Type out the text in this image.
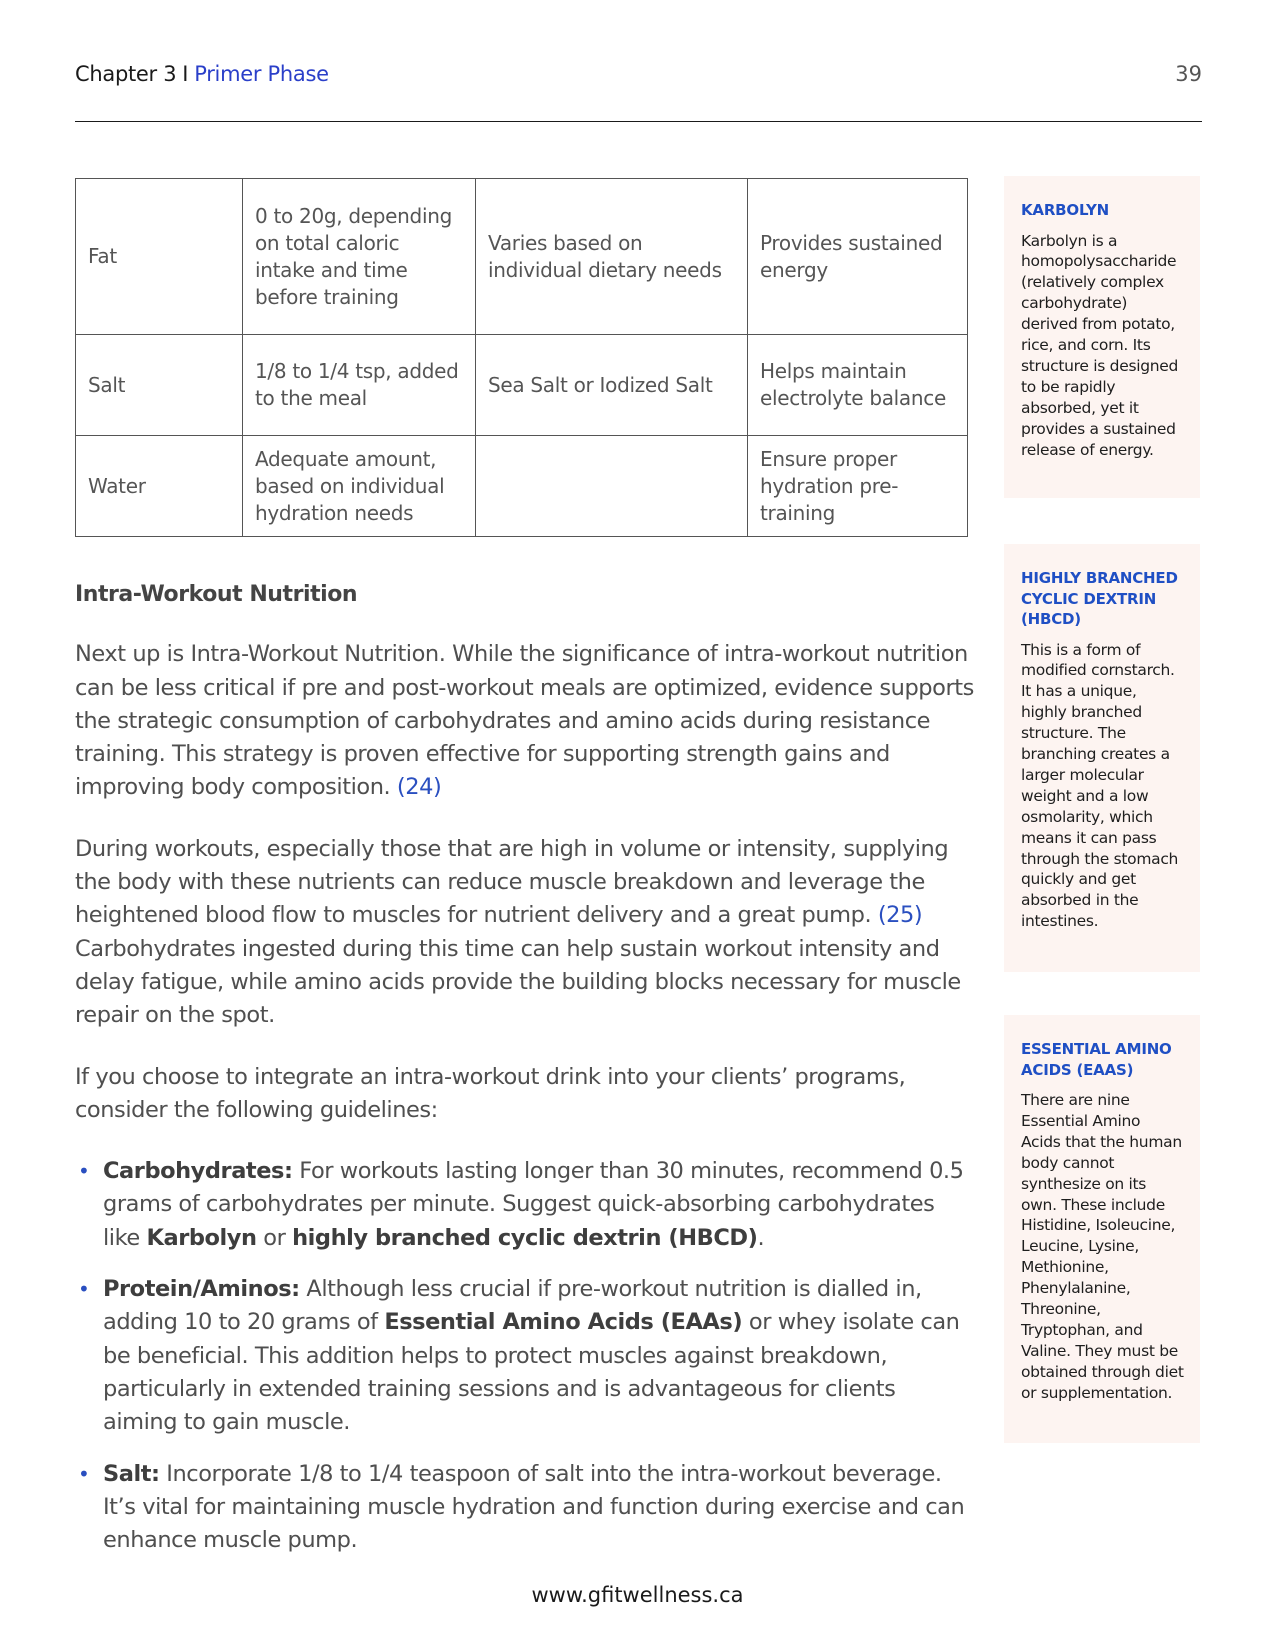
Chapter 3 I Primer Phase	39
Fat	0 to 20g, depending on total caloric intake and time before training	Varies based on individual dietary needs	Provides sustained energy
Salt	1/8 to 1/4 tsp, added to the meal	Sea Salt or Iodized Salt	Helps maintain electrolyte balance
Water	Adequate amount, based on individual hydration needs		Ensure proper hydration pre-training
Intra-Workout Nutrition

Next up is Intra-Workout Nutrition. While the significance of intra-workout nutrition can be less critical if pre and post-workout meals are optimized, evidence supports the strategic consumption of carbohydrates and amino acids during resistance training. This strategy is proven effective for supporting strength gains and improving body composition. (24)

During workouts, especially those that are high in volume or intensity, supplying the body with these nutrients can reduce muscle breakdown and leverage the heightened blood flow to muscles for nutrient delivery and a great pump. (25) Carbohydrates ingested during this time can help sustain workout intensity and delay fatigue, while amino acids provide the building blocks necessary for muscle repair on the spot.

If you choose to integrate an intra-workout drink into your clients’ programs, consider the following guidelines:

• Carbohydrates: For workouts lasting longer than 30 minutes, recommend 0.5 grams of carbohydrates per minute. Suggest quick-absorbing carbohydrates like Karbolyn or highly branched cyclic dextrin (HBCD).
• Protein/Aminos: Although less crucial if pre-workout nutrition is dialled in, adding 10 to 20 grams of Essential Amino Acids (EAAs) or whey isolate can be beneficial. This addition helps to protect muscles against breakdown, particularly in extended training sessions and is advantageous for clients aiming to gain muscle.
• Salt: Incorporate 1/8 to 1/4 teaspoon of salt into the intra-workout beverage. It’s vital for maintaining muscle hydration and function during exercise and can enhance muscle pump.
KARBOLYN
Karbolyn is a homopolysaccharide (relatively complex carbohydrate) derived from potato, rice, and corn. Its structure is designed to be rapidly absorbed, yet it provides a sustained release of energy.
HIGHLY BRANCHED CYCLIC DEXTRIN (HBCD)
This is a form of modified cornstarch. It has a unique, highly branched structure. The branching creates a larger molecular weight and a low osmolarity, which means it can pass through the stomach quickly and get absorbed in the intestines.
ESSENTIAL AMINO ACIDS (EAAS)
There are nine Essential Amino Acids that the human body cannot synthesize on its own. These include Histidine, Isoleucine, Leucine, Lysine, Methionine, Phenylalanine, Threonine, Tryptophan, and Valine. They must be obtained through diet or supplementation.
www.gfitwellness.ca
